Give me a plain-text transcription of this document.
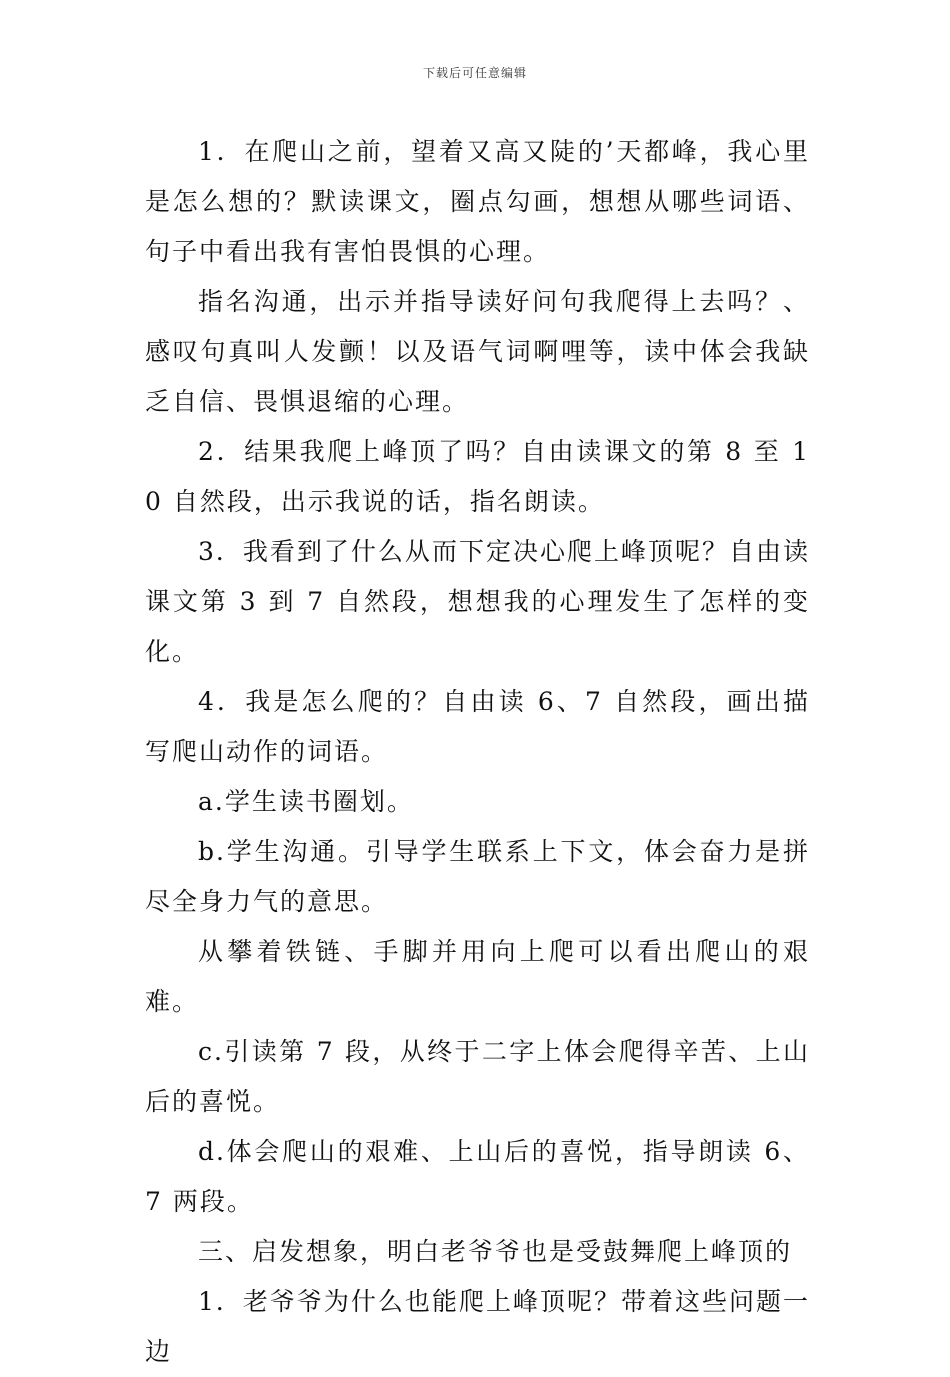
下载后可任意编辑

1．在爬山之前，望着又高又陡的’天都峰，我心里是怎么想的？默读课文，圈点勾画，想想从哪些词语、句子中看出我有害怕畏惧的心理。

指名沟通，出示并指导读好问句我爬得上去吗？、感叹句真叫人发颤！以及语气词啊哩等，读中体会我缺乏自信、畏惧退缩的心理。

2．结果我爬上峰顶了吗？自由读课文的第 8 至 10 自然段，出示我说的话，指名朗读。

3．我看到了什么从而下定决心爬上峰顶呢？自由读课文第 3 到 7 自然段，想想我的心理发生了怎样的变化。

4．我是怎么爬的？自由读 6、7 自然段，画出描写爬山动作的词语。

a.学生读书圈划。

b.学生沟通。引导学生联系上下文，体会奋力是拼尽全身力气的意思。

从攀着铁链、手脚并用向上爬可以看出爬山的艰难。

c.引读第 7 段，从终于二字上体会爬得辛苦、上山后的喜悦。

d.体会爬山的艰难、上山后的喜悦，指导朗读 6、7 两段。

三、启发想象，明白老爷爷也是受鼓舞爬上峰顶的

1．老爷爷为什么也能爬上峰顶呢？带着这些问题一边
